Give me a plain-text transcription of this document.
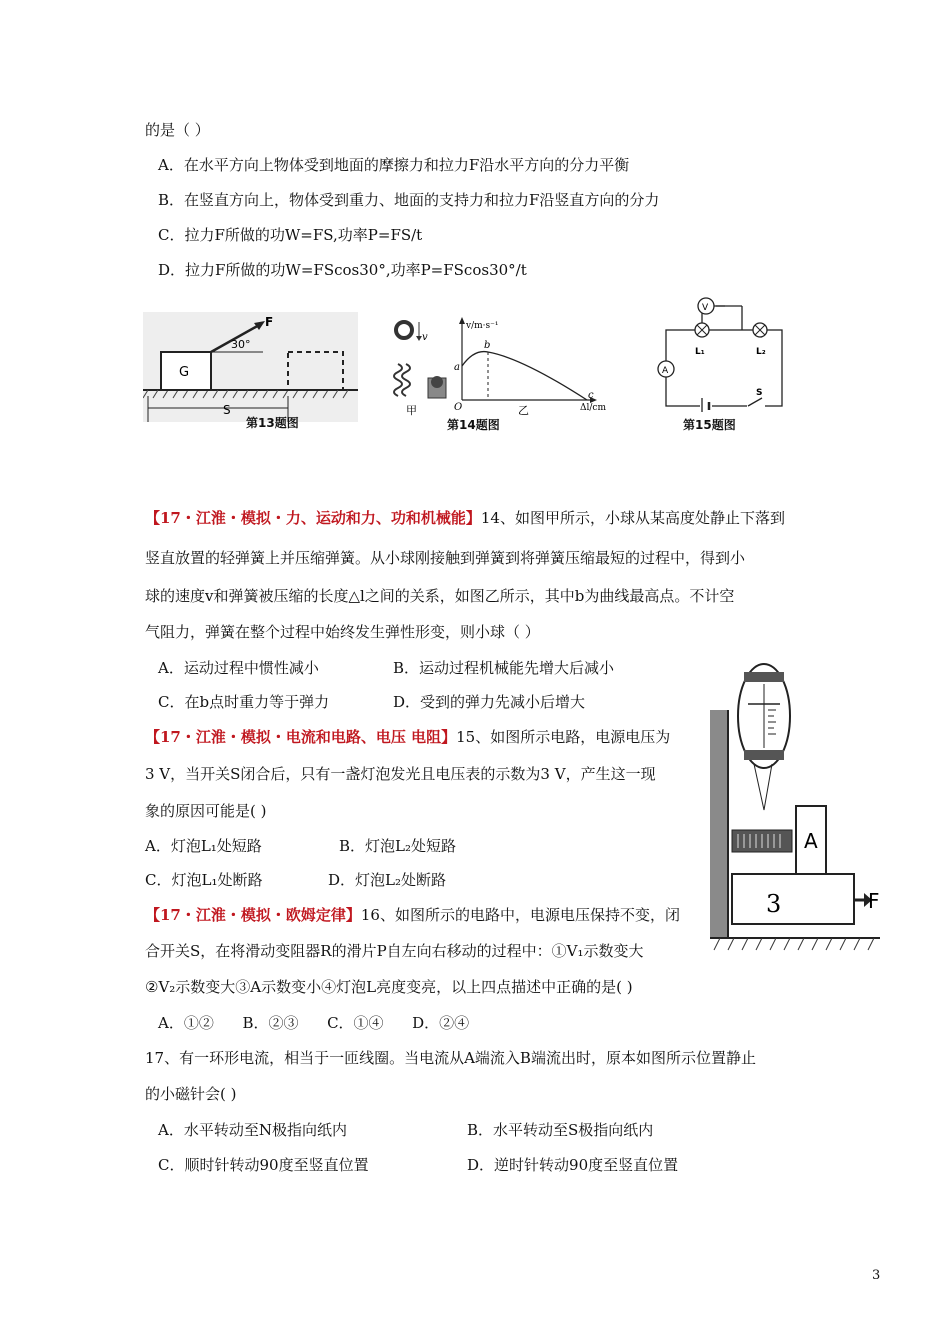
的是（ ）
A．在水平方向上物体受到地面的摩擦力和拉力F沿水平方向的分力平衡
B．在竖直方向上，物体受到重力、地面的支持力和拉力F沿竖直方向的分力
C．拉力F所做的功W=FS,功率P=FS/t
D．拉力F所做的功W=FScos30°,功率P=FScos30°/t
G
F
30°
S
第13题图
v
甲
v/m·s⁻¹
a
b
c
O	Δl/cm
乙
第14题图
V
L₁	L₂
A
S
第15题图
【17・江淮・模拟・力、运动和力、功和机械能】14、如图甲所示，小球从某高度处静止下落到
竖直放置的轻弹簧上并压缩弹簧。从小球刚接触到弹簧到将弹簧压缩最短的过程中，得到小
球的速度v和弹簧被压缩的长度△l之间的关系，如图乙所示，其中b为曲线最高点。不计空
气阻力，弹簧在整个过程中始终发生弹性形变，则小球（ ）
A．运动过程中惯性减小	B．运动过程机械能先增大后减小
C．在b点时重力等于弹力	D．受到的弹力先减小后增大
【17・江淮・模拟・电流和电路、电压 电阻】15、如图所示电路，电源电压为
3 V，当开关S闭合后，只有一盏灯泡发光且电压表的示数为3 V，产生这一现
象的原因可能是( )
A．灯泡L₁处短路	B．灯泡L₂处短路
C．灯泡L₁处断路	D．灯泡L₂处断路
A
3	F
【17・江淮・模拟・欧姆定律】16、如图所示的电路中，电源电压保持不变，闭
合开关S，在将滑动变阻器R的滑片P自左向右移动的过程中：①V₁示数变大
②V₂示数变大③A示数变小④灯泡L亮度变亮，以上四点描述中正确的是( )
A．①②      B．②③      C．①④      D．②④
17、有一环形电流，相当于一匝线圈。当电流从A端流入B端流出时，原本如图所示位置静止
的小磁针会( )
A．水平转动至N极指向纸内	B．水平转动至S极指向纸内
C．顺时针转动90度至竖直位置	D．逆时针转动90度至竖直位置
3
